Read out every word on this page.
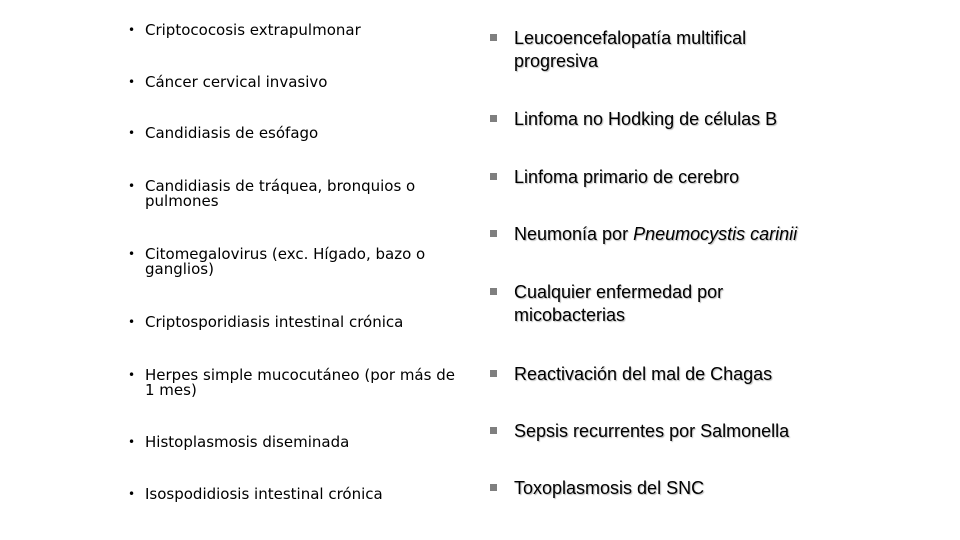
• Criptococosis extrapulmonar
• Cáncer cervical invasivo
• Candidiasis de esófago
• Candidiasis de tráquea, bronquios o pulmones
• Citomegalovirus (exc. Hígado, bazo o ganglios)
• Criptosporidiasis intestinal crónica
• Herpes simple mucocutáneo (por más de 1 mes)
• Histoplasmosis diseminada
• Isospodidiosis intestinal crónica
Leucoencefalopatía multifical progresiva
Linfoma no Hodking de células B
Linfoma primario de cerebro
Neumonía por Pneumocystis carinii
Cualquier enfermedad por micobacterias
Reactivación del mal de Chagas
Sepsis recurrentes por Salmonella
Toxoplasmosis del SNC
